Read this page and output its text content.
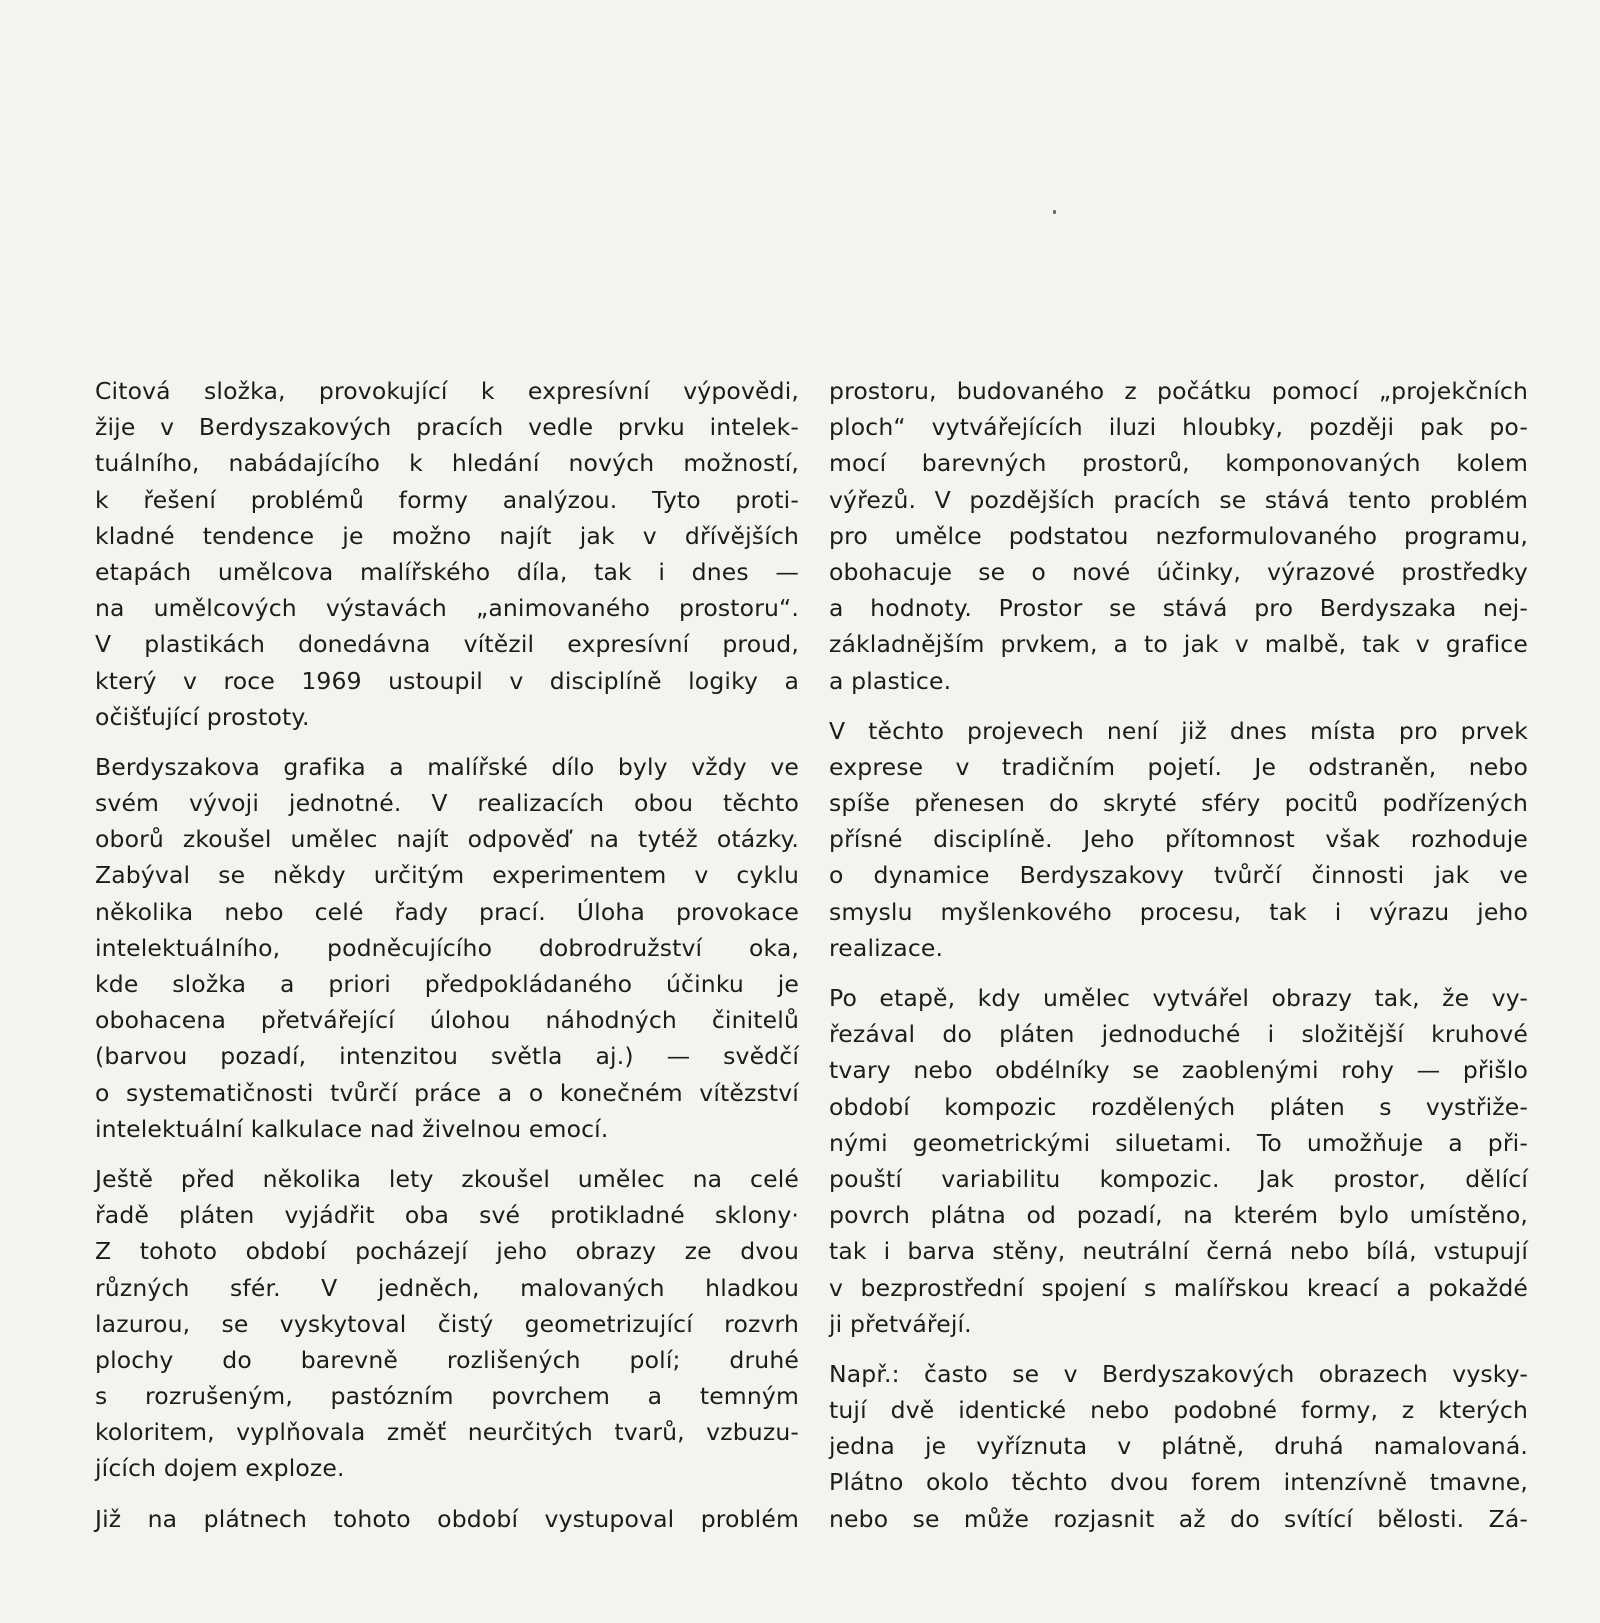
Citová složka, provokující k expresívní výpovědi,
žije v Berdyszakových pracích vedle prvku intelek-
tuálního, nabádajícího k hledání nových možností,
k řešení problémů formy analýzou. Tyto proti-
kladné tendence je možno najít jak v dřívějších
etapách umělcova malířského díla, tak i dnes —
na umělcových výstavách „animovaného prostoru“.
V plastikách donedávna vítězil expresívní proud,
který v roce 1969 ustoupil v disciplíně logiky a
očišťující prostoty.
Berdyszakova grafika a malířské dílo byly vždy ve
svém vývoji jednotné. V realizacích obou těchto
oborů zkoušel umělec najít odpověď na tytéž otázky.
Zabýval se někdy určitým experimentem v cyklu
několika nebo celé řady prací. Úloha provokace
intelektuálního, podněcujícího dobrodružství oka,
kde složka a priori předpokládaného účinku je
obohacena přetvářející úlohou náhodných činitelů
(barvou pozadí, intenzitou světla aj.) — svědčí
o systematičnosti tvůrčí práce a o konečném vítězství
intelektuální kalkulace nad živelnou emocí.
Ještě před několika lety zkoušel umělec na celé
řadě pláten vyjádřit oba své protikladné sklony·
Z tohoto období pocházejí jeho obrazy ze dvou
různých sfér. V jedněch, malovaných hladkou
lazurou, se vyskytoval čistý geometrizující rozvrh
plochy do barevně rozlišených polí; druhé
s rozrušeným, pastózním povrchem a temným
koloritem, vyplňovala změť neurčitých tvarů, vzbuzu-
jících dojem exploze.
Již na plátnech tohoto období vystupoval problém
prostoru, budovaného z počátku pomocí „projekčních
ploch“ vytvářejících iluzi hloubky, později pak po-
mocí barevných prostorů, komponovaných kolem
výřezů. V pozdějších pracích se stává tento problém
pro umělce podstatou nezformulovaného programu,
obohacuje se o nové účinky, výrazové prostředky
a hodnoty. Prostor se stává pro Berdyszaka nej-
základnějším prvkem, a to jak v malbě, tak v grafice
a plastice.
V těchto projevech není již dnes místa pro prvek
exprese v tradičním pojetí. Je odstraněn, nebo
spíše přenesen do skryté sféry pocitů podřízených
přísné disciplíně. Jeho přítomnost však rozhoduje
o dynamice Berdyszakovy tvůrčí činnosti jak ve
smyslu myšlenkového procesu, tak i výrazu jeho
realizace.
Po etapě, kdy umělec vytvářel obrazy tak, že vy-
řezával do pláten jednoduché i složitější kruhové
tvary nebo obdélníky se zaoblenými rohy — přišlo
období kompozic rozdělených pláten s vystřiže-
nými geometrickými siluetami. To umožňuje a při-
pouští variabilitu kompozic. Jak prostor, dělící
povrch plátna od pozadí, na kterém bylo umístěno,
tak i barva stěny, neutrální černá nebo bílá, vstupují
v bezprostřední spojení s malířskou kreací a pokaždé
ji přetvářejí.
Např.: často se v Berdyszakových obrazech vysky-
tují dvě identické nebo podobné formy, z kterých
jedna je vyříznuta v plátně, druhá namalovaná.
Plátno okolo těchto dvou forem intenzívně tmavne,
nebo se může rozjasnit až do svítící bělosti. Zá-
